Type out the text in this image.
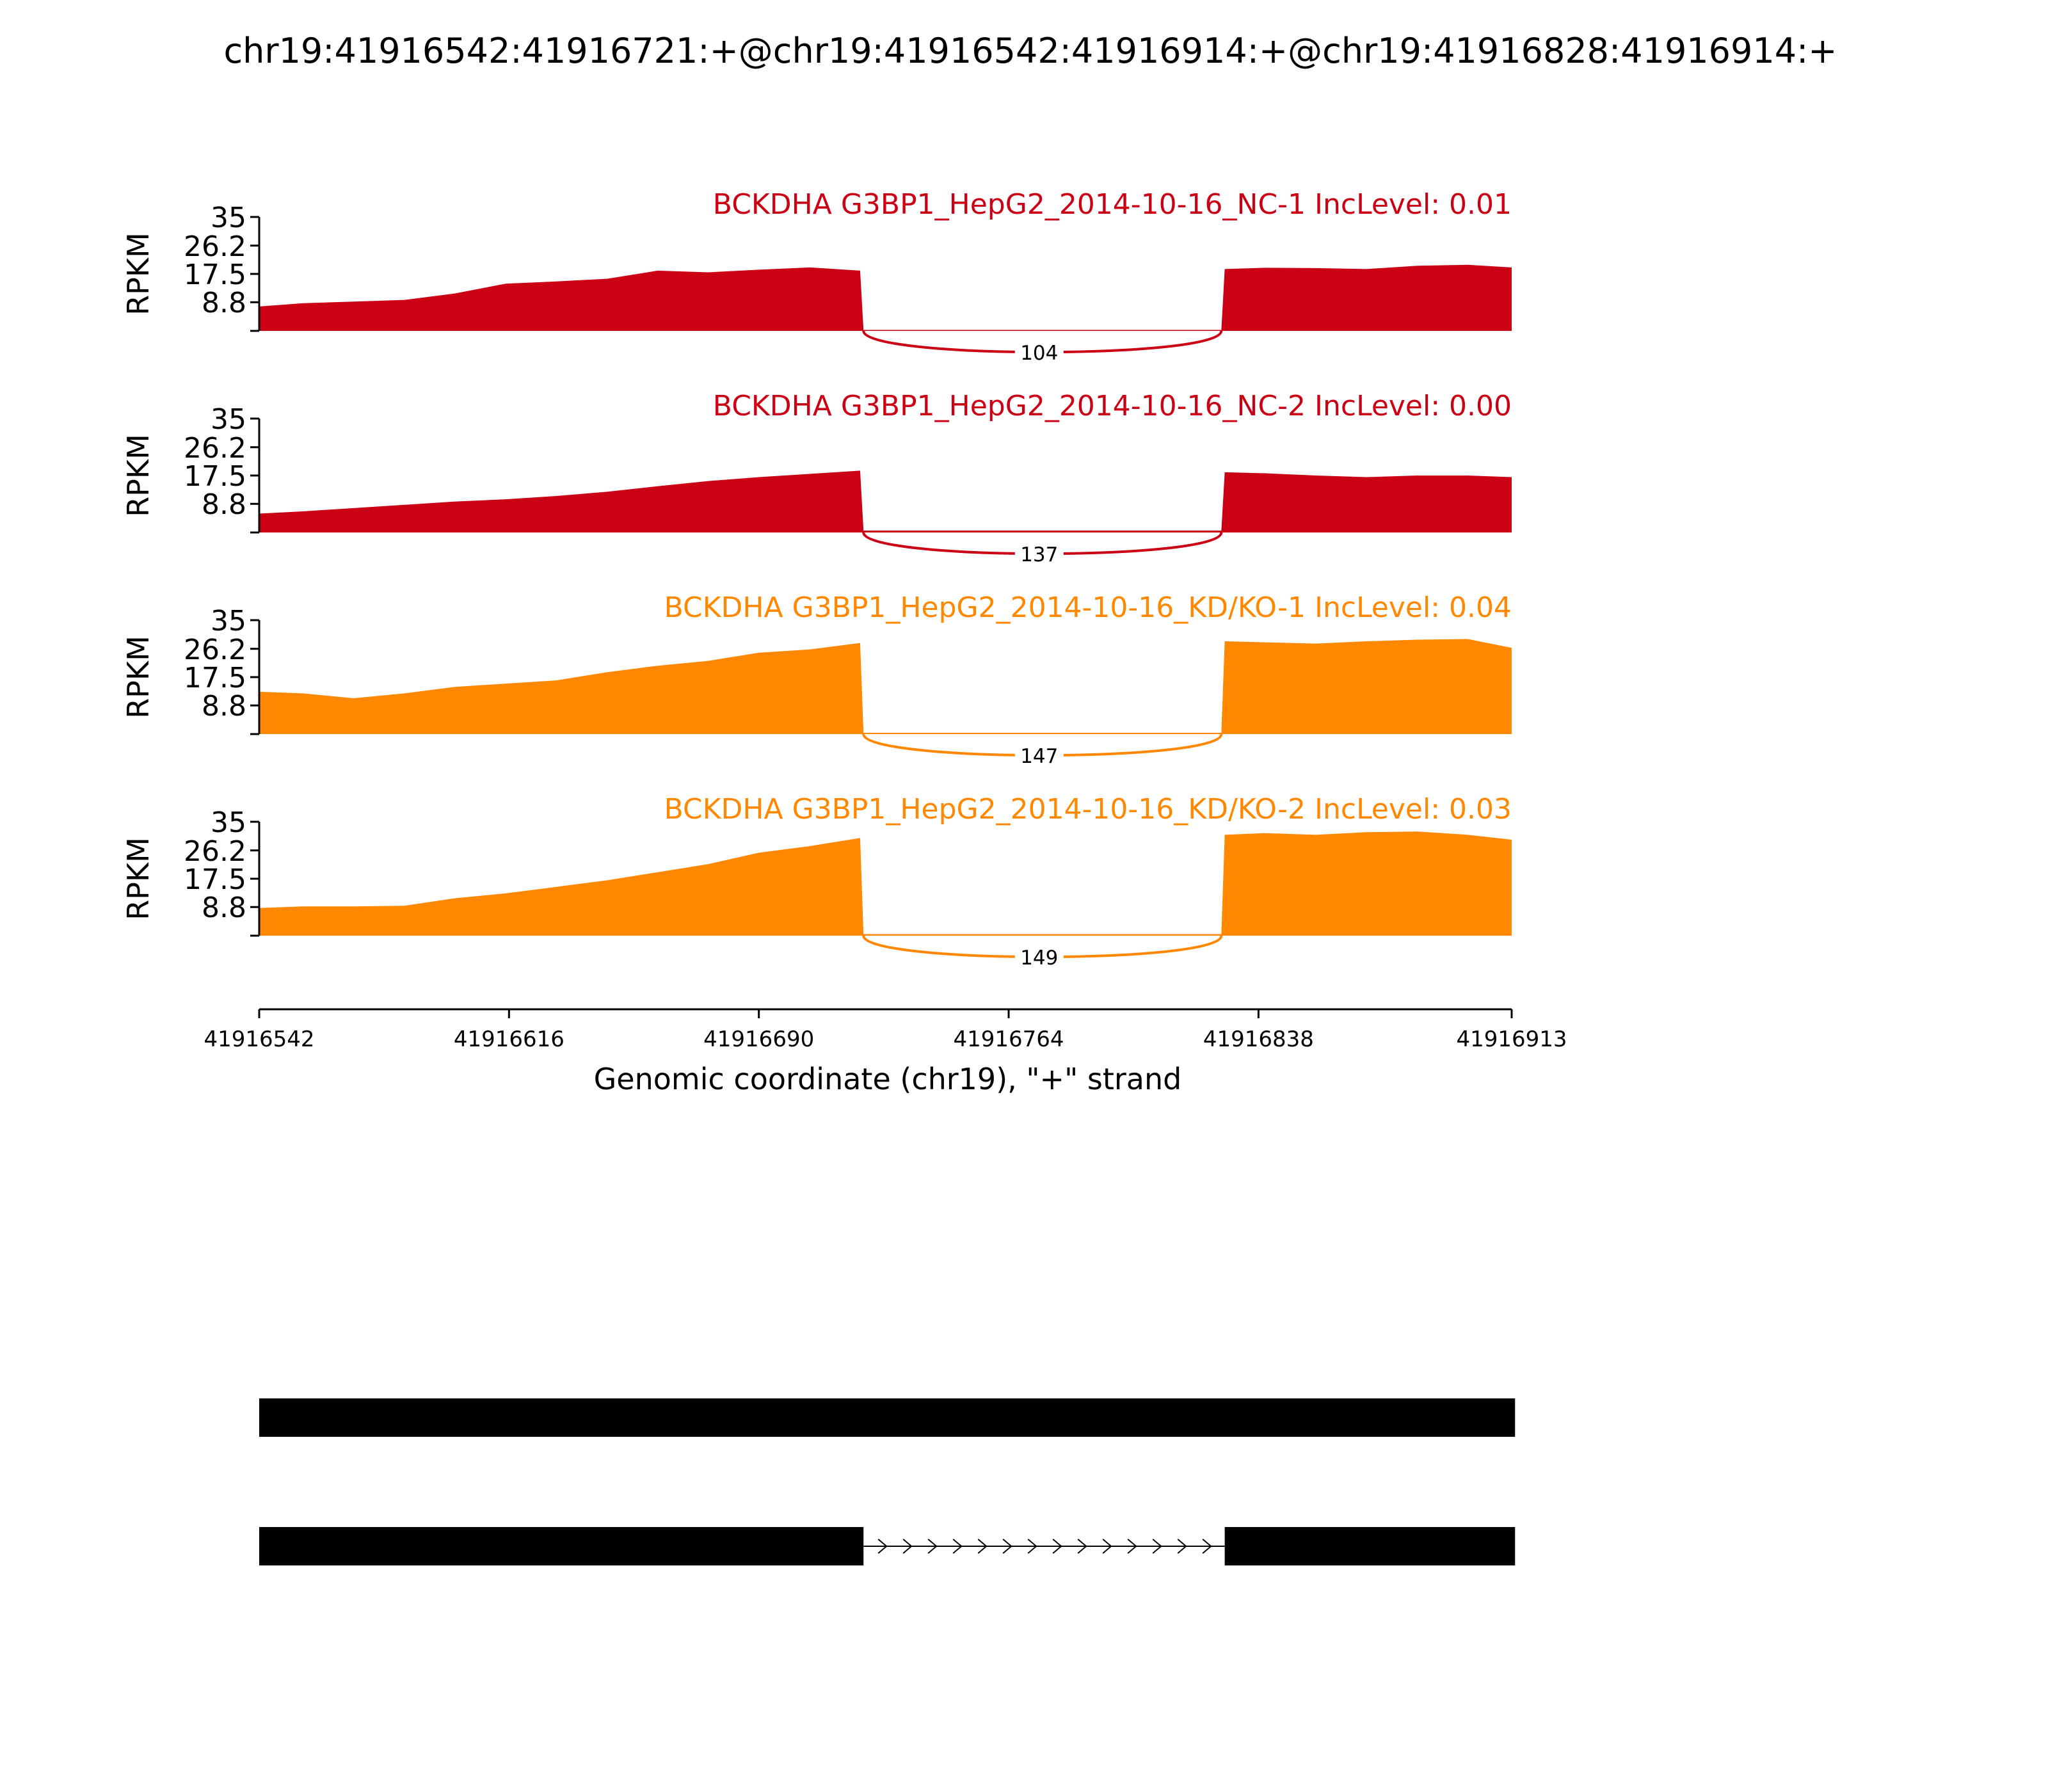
chr19:41916542:41916721:+@chr19:41916542:41916914:+@chr19:41916828:41916914:+
104
8.8
17.5
26.2
35
RPKM
BCKDHA G3BP1_HepG2_2014-10-16_NC-1 IncLevel: 0.01
137
8.8
17.5
26.2
35
RPKM
BCKDHA G3BP1_HepG2_2014-10-16_NC-2 IncLevel: 0.00
147
8.8
17.5
26.2
35
RPKM
BCKDHA G3BP1_HepG2_2014-10-16_KD/KO-1 IncLevel: 0.04
149
8.8
17.5
26.2
35
RPKM
BCKDHA G3BP1_HepG2_2014-10-16_KD/KO-2 IncLevel: 0.03
Genomic coordinate (chr19), "+" strand
41916542	41916616	41916690	41916764	41916838	41916913
